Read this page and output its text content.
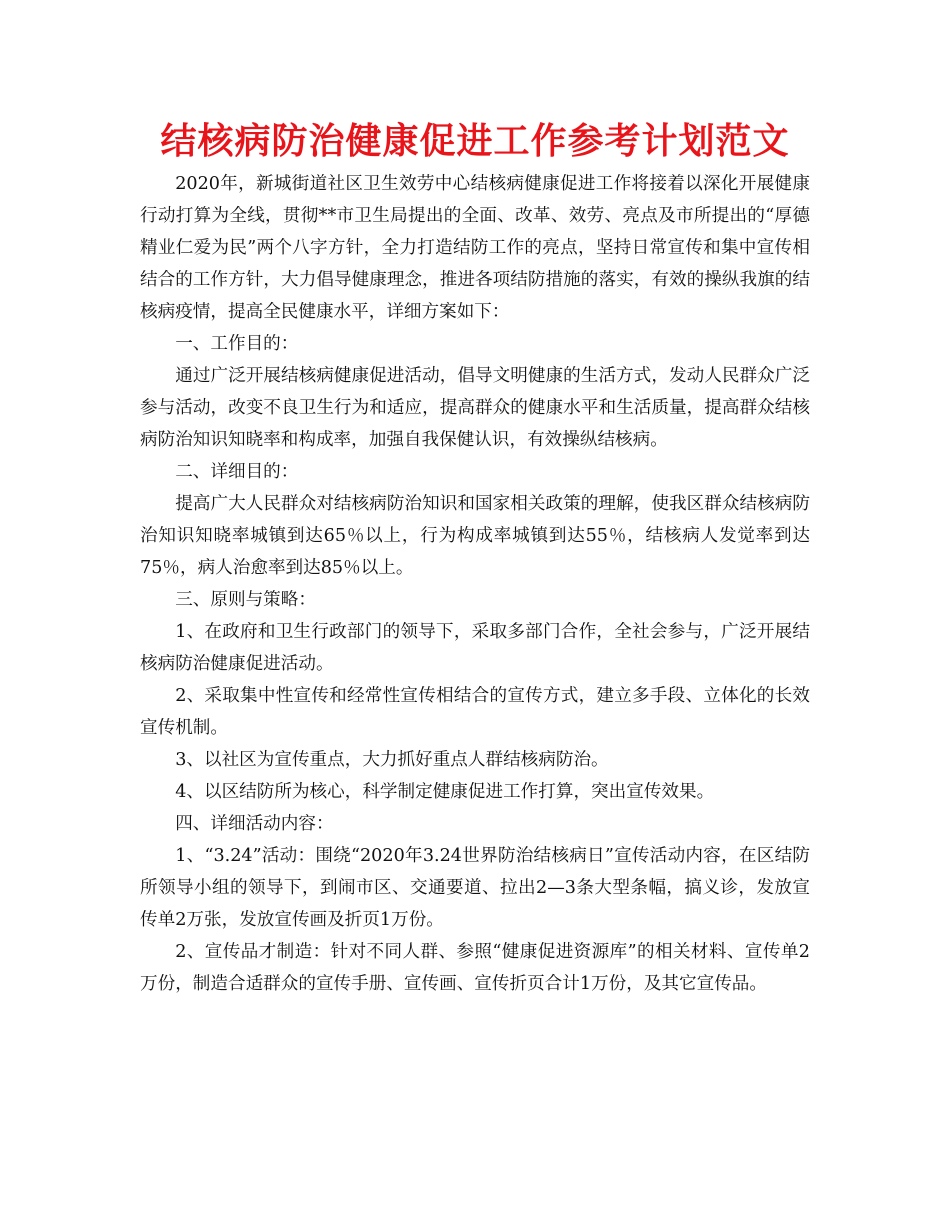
结核病防治健康促进工作参考计划范文

2020年，新城街道社区卫生效劳中心结核病健康促进工作将接着以深化开展健康行动打算为全线，贯彻**市卫生局提出的全面、改革、效劳、亮点及市所提出的“厚德精业仁爱为民”两个八字方针，全力打造结防工作的亮点，坚持日常宣传和集中宣传相结合的工作方针，大力倡导健康理念，推进各项结防措施的落实，有效的操纵我旗的结核病疫情，提高全民健康水平，详细方案如下：

一、工作目的：

通过广泛开展结核病健康促进活动，倡导文明健康的生活方式，发动人民群众广泛参与活动，改变不良卫生行为和适应，提高群众的健康水平和生活质量，提高群众结核病防治知识知晓率和构成率，加强自我保健认识，有效操纵结核病。

二、详细目的：

提高广大人民群众对结核病防治知识和国家相关政策的理解，使我区群众结核病防治知识知晓率城镇到达65％以上，行为构成率城镇到达55％，结核病人发觉率到达75％，病人治愈率到达85％以上。

三、原则与策略：

1、在政府和卫生行政部门的领导下，采取多部门合作，全社会参与，广泛开展结核病防治健康促进活动。

2、采取集中性宣传和经常性宣传相结合的宣传方式，建立多手段、立体化的长效宣传机制。

3、以社区为宣传重点，大力抓好重点人群结核病防治。

4、以区结防所为核心，科学制定健康促进工作打算，突出宣传效果。

四、详细活动内容：

1、“3.24”活动：围绕“2020年3.24世界防治结核病日”宣传活动内容，在区结防所领导小组的领导下，到闹市区、交通要道、拉出2—3条大型条幅，搞义诊，发放宣传单2万张，发放宣传画及折页1万份。

2、宣传品才制造：针对不同人群、参照“健康促进资源库”的相关材料、宣传单2万份，制造合适群众的宣传手册、宣传画、宣传折页合计1万份，及其它宣传品。
